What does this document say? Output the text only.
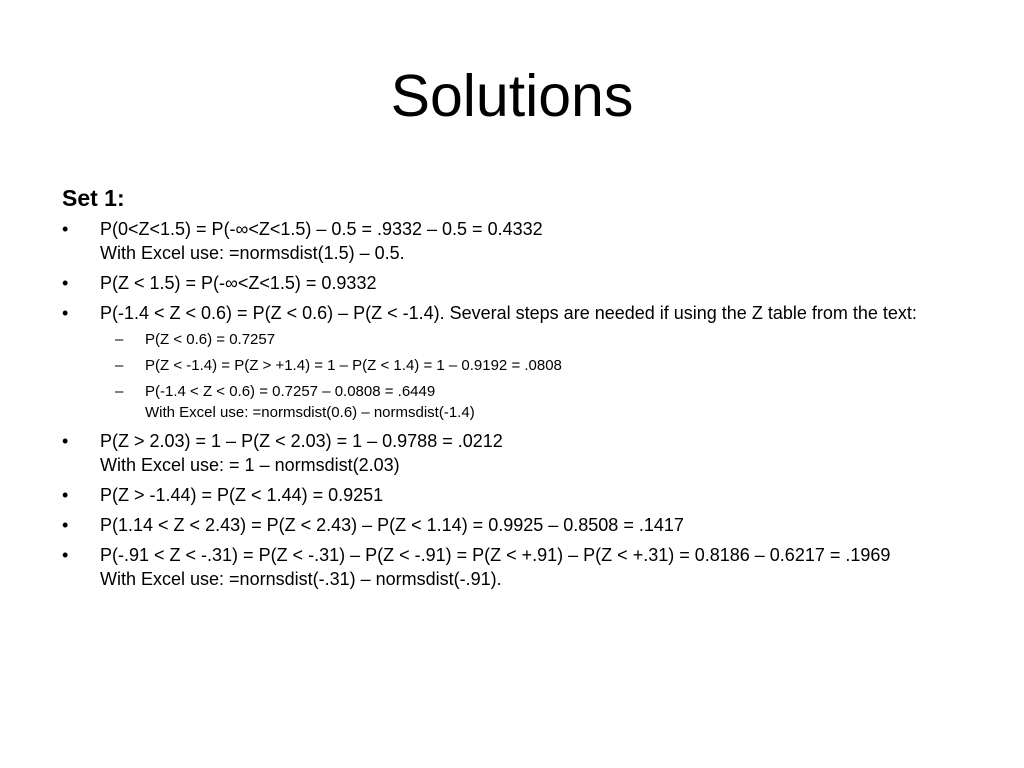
Solutions
Set 1:
•	P(0<Z<1.5) = P(-∞<Z<1.5) – 0.5 = .9332 – 0.5 = 0.4332
With Excel use: =normsdist(1.5) – 0.5.
•	P(Z < 1.5) = P(-∞<Z<1.5) = 0.9332
•	P(-1.4 < Z < 0.6) = P(Z < 0.6) – P(Z < -1.4). Several steps are needed if using the Z table from the text:
– P(Z < 0.6) = 0.7257
– P(Z < -1.4) = P(Z > +1.4) = 1 – P(Z < 1.4) = 1 – 0.9192 = .0808
– P(-1.4 < Z < 0.6) = 0.7257 – 0.0808 = .6449
With Excel use: =normsdist(0.6) – normsdist(-1.4)
•	P(Z > 2.03) = 1 – P(Z < 2.03) = 1 – 0.9788 = .0212
With Excel use: = 1 – normsdist(2.03)
•	P(Z > -1.44) = P(Z < 1.44) = 0.9251
•	P(1.14 < Z < 2.43) = P(Z < 2.43) – P(Z < 1.14) = 0.9925 – 0.8508 = .1417
•	P(-.91 < Z < -.31) = P(Z < -.31) – P(Z < -.91) = P(Z < +.91) – P(Z < +.31) = 0.8186 – 0.6217 = .1969
With Excel use: =nornsdist(-.31) – normsdist(-.91).
